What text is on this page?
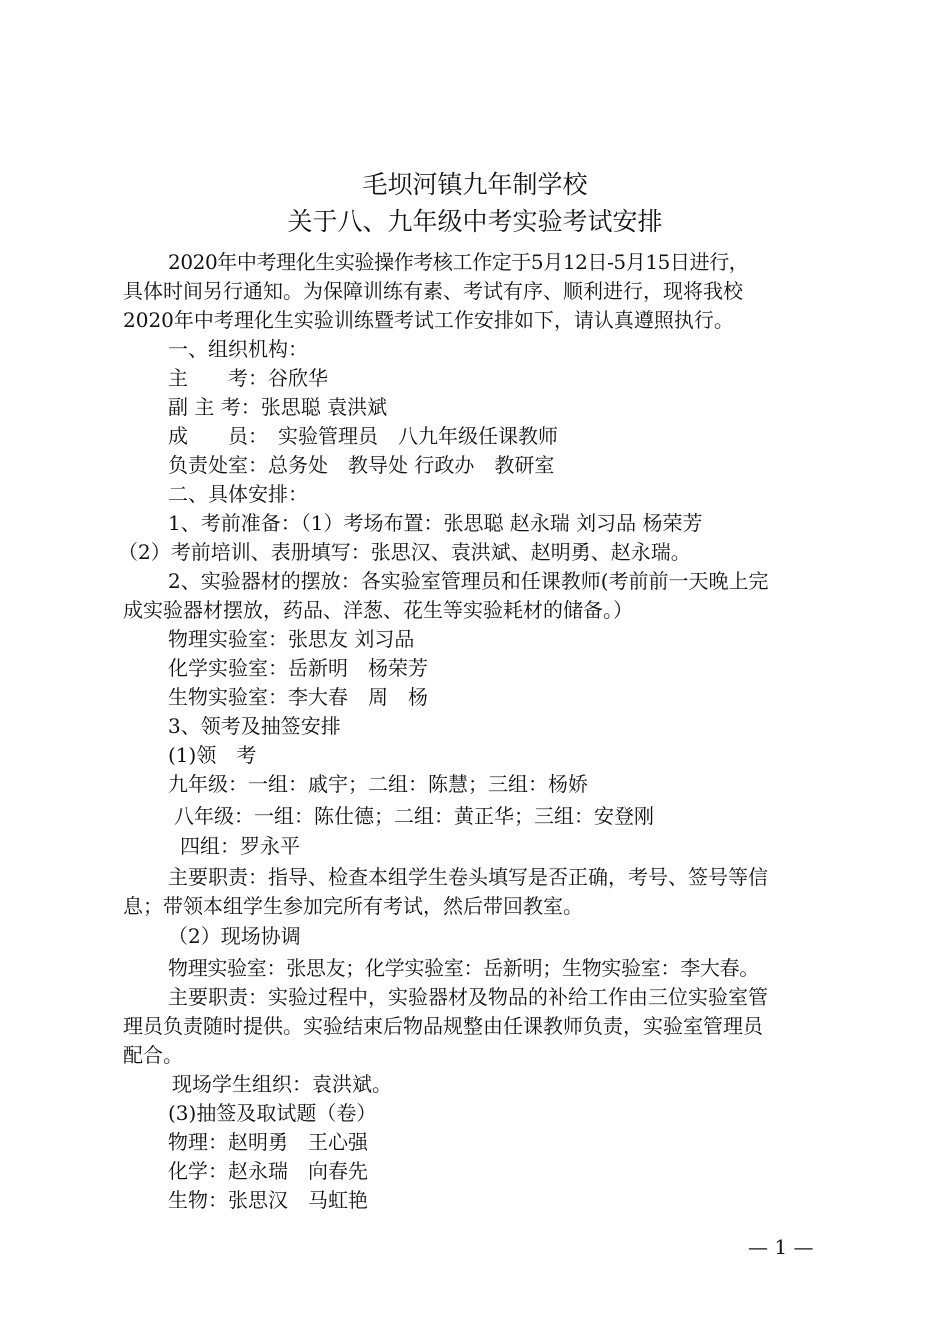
毛坝河镇九年制学校
关于八、九年级中考实验考试安排
2020年中考理化生实验操作考核工作定于5月12日-5月15日进行，
具体时间另行通知。为保障训练有素、考试有序、顺利进行，现将我校
2020年中考理化生实验训练暨考试工作安排如下，请认真遵照执行。
一、组织机构：
主　　考：谷欣华
副 主 考：张思聪 袁洪斌
成　　员：　实验管理员　八九年级任课教师
负责处室：总务处　教导处 行政办　教研室
二、具体安排：
1、考前准备：（1）考场布置：张思聪 赵永瑞 刘习品 杨荣芳
（2）考前培训、表册填写：张思汉、袁洪斌、赵明勇、赵永瑞。
2、实验器材的摆放：各实验室管理员和任课教师(考前前一天晚上完
成实验器材摆放，药品、洋葱、花生等实验耗材的储备。）
物理实验室：张思友 刘习品
化学实验室：岳新明　杨荣芳
生物实验室：李大春　周　杨
3、领考及抽签安排
(1)领　考
九年级：一组：戚宇；二组：陈慧；三组：杨娇
八年级：一组：陈仕德；二组：黄正华；三组：安登刚
四组：罗永平
主要职责：指导、检查本组学生卷头填写是否正确，考号、签号等信
息；带领本组学生参加完所有考试，然后带回教室。
（2）现场协调
物理实验室：张思友；化学实验室：岳新明；生物实验室：李大春。
主要职责：实验过程中，实验器材及物品的补给工作由三位实验室管
理员负责随时提供。实验结束后物品规整由任课教师负责，实验室管理员
配合。
现场学生组织：袁洪斌。
(3)抽签及取试题（卷）
物理：赵明勇　王心强
化学：赵永瑞　向春先
生物：张思汉　马虹艳
— 1 —
